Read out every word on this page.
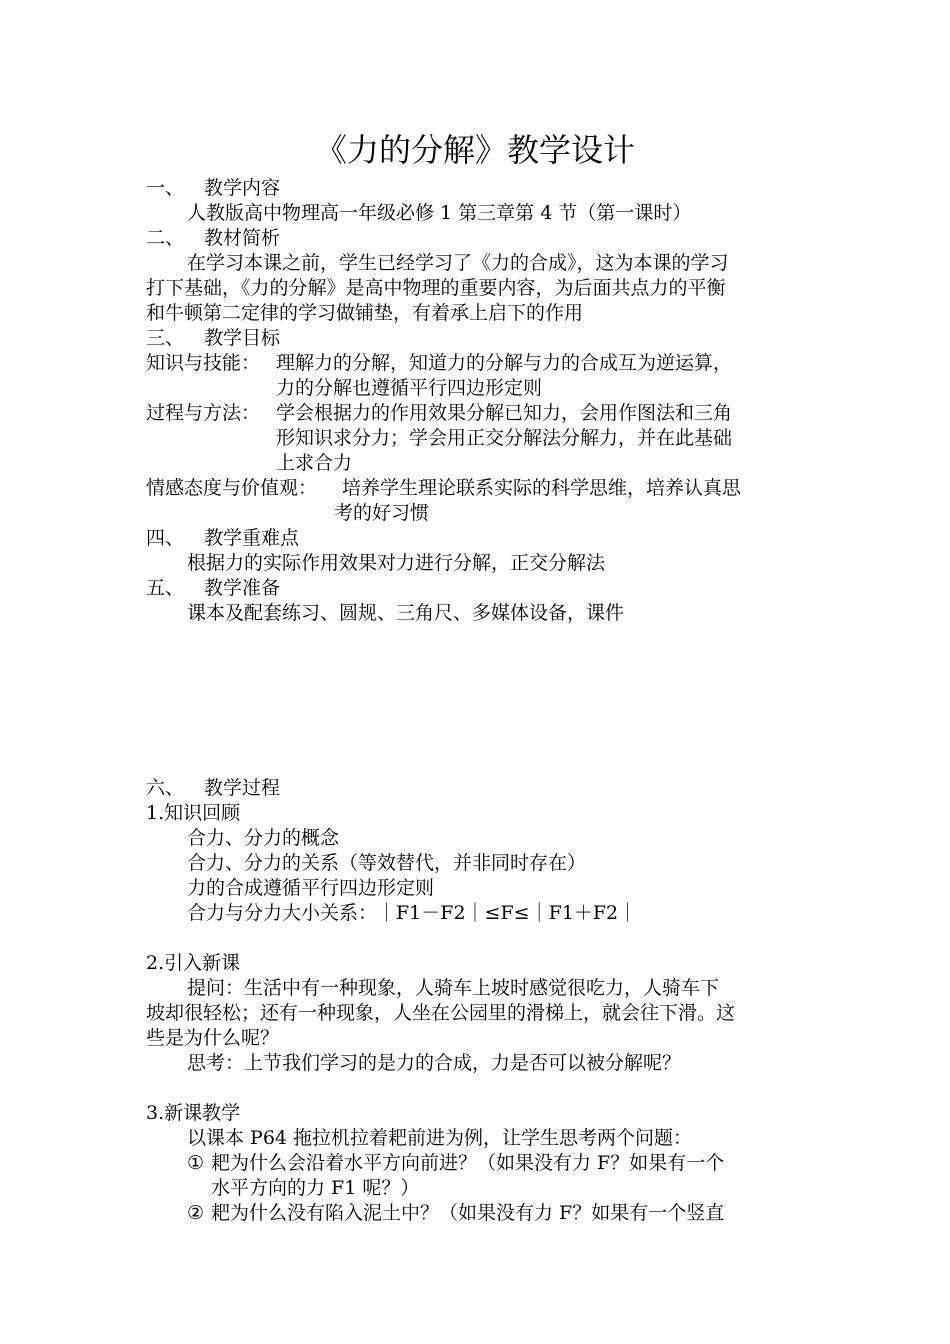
《力的分解》教学设计
一、 教学内容
人教版高中物理高一年级必修 1 第三章第 4 节（第一课时）
二、 教材简析
在学习本课之前，学生已经学习了《力的合成》，这为本课的学习
打下基础，《力的分解》是高中物理的重要内容，为后面共点力的平衡
和牛顿第二定律的学习做铺垫，有着承上启下的作用
三、 教学目标
知识与技能： 理解力的分解，知道力的分解与力的合成互为逆运算，
力的分解也遵循平行四边形定则
过程与方法： 学会根据力的作用效果分解已知力，会用作图法和三角
形知识求分力；学会用正交分解法分解力，并在此基础
上求合力
情感态度与价值观： 培养学生理论联系实际的科学思维，培养认真思
考的好习惯
四、 教学重难点
根据力的实际作用效果对力进行分解，正交分解法
五、 教学准备
课本及配套练习、圆规、三角尺、多媒体设备，课件
六、 教学过程
1.知识回顾
合力、分力的概念
合力、分力的关系（等效替代，并非同时存在）
力的合成遵循平行四边形定则
合力与分力大小关系：｜F1－F2｜≤F≤｜F1＋F2｜
2.引入新课
提问：生活中有一种现象，人骑车上坡时感觉很吃力，人骑车下
坡却很轻松；还有一种现象，人坐在公园里的滑梯上，就会往下滑。这
些是为什么呢？
思考：上节我们学习的是力的合成，力是否可以被分解呢？
3.新课教学
以课本 P64 拖拉机拉着耙前进为例，让学生思考两个问题：
① 耙为什么会沿着水平方向前进？（如果没有力 F？如果有一个
水平方向的力 F1 呢？）
② 耙为什么没有陷入泥土中？（如果没有力 F？如果有一个竖直
